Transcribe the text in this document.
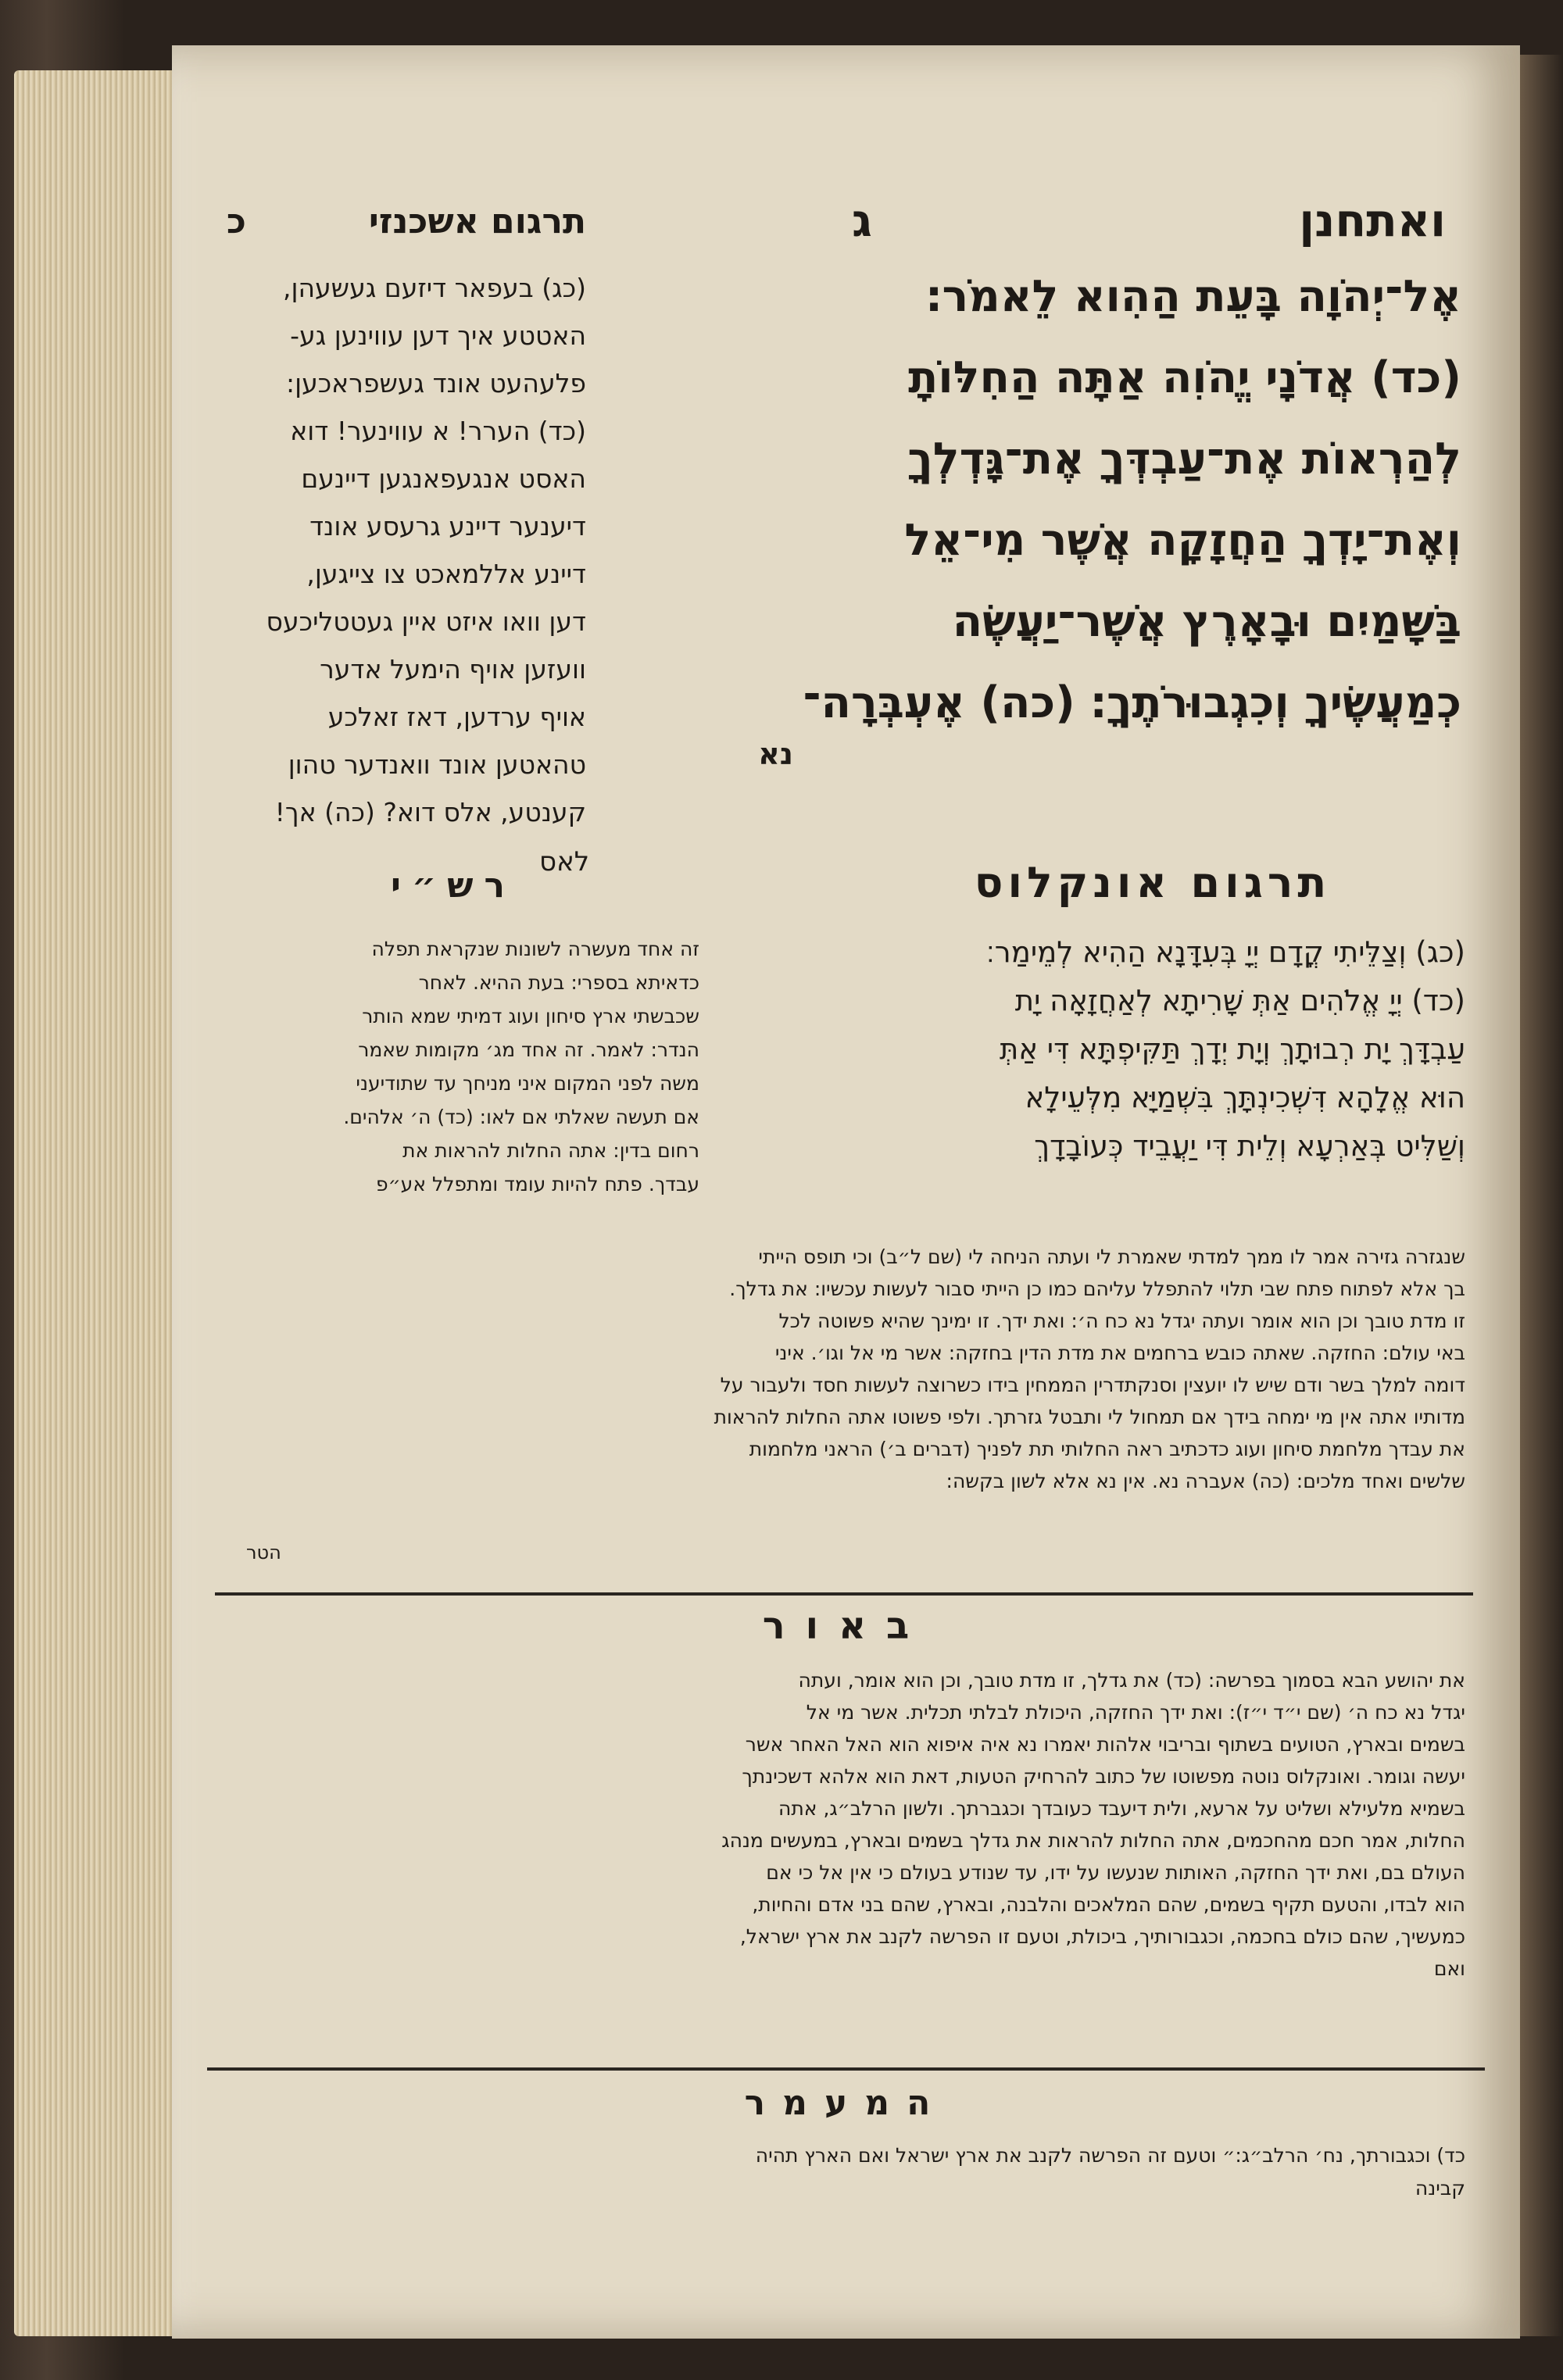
ואתחנן
ג
תרגום אשכנזי
כ
אֶל־יְהֹוָה בָּעֵת הַהִוא לֵאמֹר׃
(כד) אֲדֹנָי יֱהֹוִה אַתָּה הַחִלּוֹתָ
לְהַרְאוֹת אֶת־עַבְדְּךָ אֶת־גָּדְלְךָ
וְאֶת־יָדְךָ הַחֲזָקָה אֲשֶׁר מִי־אֵל
בַּשָּׁמַיִם וּבָאָרֶץ אֲשֶׁר־יַעֲשֶׂה
כְמַעֲשֶׂיךָ וְכִגְבוּרֹתֶךָ׃ (כה) אֶעְבְּרָה־
נא
(כג) בעפאר דיזעם געשעהן,
האטטע איך דען עווינען גע-
פלעהעט אונד געשפראכען:
(כד) הערר! א עווינער! דוא
האסט אנגעפאנגען דיינעם
דיענער דיינע גרעסע אונד
דיינע אללמאכט צו צייגען,
דען וואו איזט איין געטטליכעס
וועזען אויף הימעל אדער
אויף ערדען, דאז זאלכע
טהאטען אונד וואנדער טהון
קענטע, אלס דוא? (כה) אך!
לאס	תרגום אונקלוס
רש״י
(כג) וְצַלֵּיתִי קֳדָם יְיָ בְּעִדָּנָא הַהִיא לְמֵימַר׃
(כד) יְיָ אֱלֹהִים אַתְּ שָׁרִיתָא לְאַחֲזָאָה יָת
עַבְדָּךְ יָת רְבוּתָךְ וְיָת יְדָךְ תַּקִּיפְתָּא דִּי אַתְּ
הוּא אֱלָהָא דִּשְׁכִינְתָּךְ בִּשְׁמַיָּא מִלְּעֵילָא
וְשַׁלִּיט בְּאַרְעָא וְלֵית דִּי יַעֲבֵיד כְּעוֹבָדָךְ
זה אחד מעשרה לשונות שנקראת תפלה
כדאיתא בספרי: בעת ההיא. לאחר
שכבשתי ארץ סיחון ועוג דמיתי שמא הותר
הנדר: לאמר. זה אחד מג׳ מקומות שאמר
משה לפני המקום איני מניחך עד שתודיעני
אם תעשה שאלתי אם לאו: (כד) ה׳ אלהים.
רחום בדין: אתה החלות להראות את
עבדך. פתח להיות עומד ומתפלל אע״פ
שנגזרה גזירה אמר לו ממך למדתי שאמרת לי ועתה הניחה לי (שם ל״ב) וכי תופס הייתי
בך אלא לפתוח פתח שבי תלוי להתפלל עליהם כמו כן הייתי סבור לעשות עכשיו: את גדלך.
זו מדת טובך וכן הוא אומר ועתה יגדל נא כח ה׳: ואת ידך. זו ימינך שהיא פשוטה לכל
באי עולם: החזקה. שאתה כובש ברחמים את מדת הדין בחזקה: אשר מי אל וגו׳. איני
דומה למלך בשר ודם שיש לו יועצין וסנקתדרין הממחין בידו כשרוצה לעשות חסד ולעבור על
מדותיו אתה אין מי ימחה בידך אם תמחול לי ותבטל גזרתך. ולפי פשוטו אתה החלות להראות
את עבדך מלחמת סיחון ועוג כדכתיב ראה החלותי תת לפניך (דברים ב׳) הראני מלחמות
שלשים ואחד מלכים: (כה) אעברה נא. אין נא אלא לשון בקשה:
הטר
באור
את יהושע הבא בסמוך בפרשה: (כד) את גדלך, זו מדת טובך, וכן הוא אומר, ועתה
יגדל נא כח ה׳ (שם י״ד י״ז): ואת ידך החזקה, היכולת לבלתי תכלית. אשר מי אל
בשמים ובארץ, הטועים בשתוף ובריבוי אלהות יאמרו נא איה איפוא הוא האל האחר אשר
יעשה וגומר. ואונקלוס נוטה מפשוטו של כתוב להרחיק הטעות, דאת הוא אלהא דשכינתך
בשמיא מלעילא ושליט על ארעא, ולית דיעבד כעובדך וכגברתך. ולשון הרלב״ג, אתה
החלות, אמר חכם מהחכמים, אתה החלות להראות את גדלך בשמים ובארץ, במעשים מנהג
העולם בם, ואת ידך החזקה, האותות שנעשו על ידו, עד שנודע בעולם כי אין אל כי אם
הוא לבדו, והטעם תקיף בשמים, שהם המלאכים והלבנה, ובארץ, שהם בני אדם והחיות,
כמעשיך, שהם כולם בחכמה, וכגבורותיך, ביכולת, וטעם זו הפרשה לקנב את ארץ ישראל,
ואם
המעמר
כד) וכגבורתך, נח׳ הרלב״ג:״ וטעם זה הפרשה לקנב את ארץ ישראל ואם הארץ תהיה
קבינה
